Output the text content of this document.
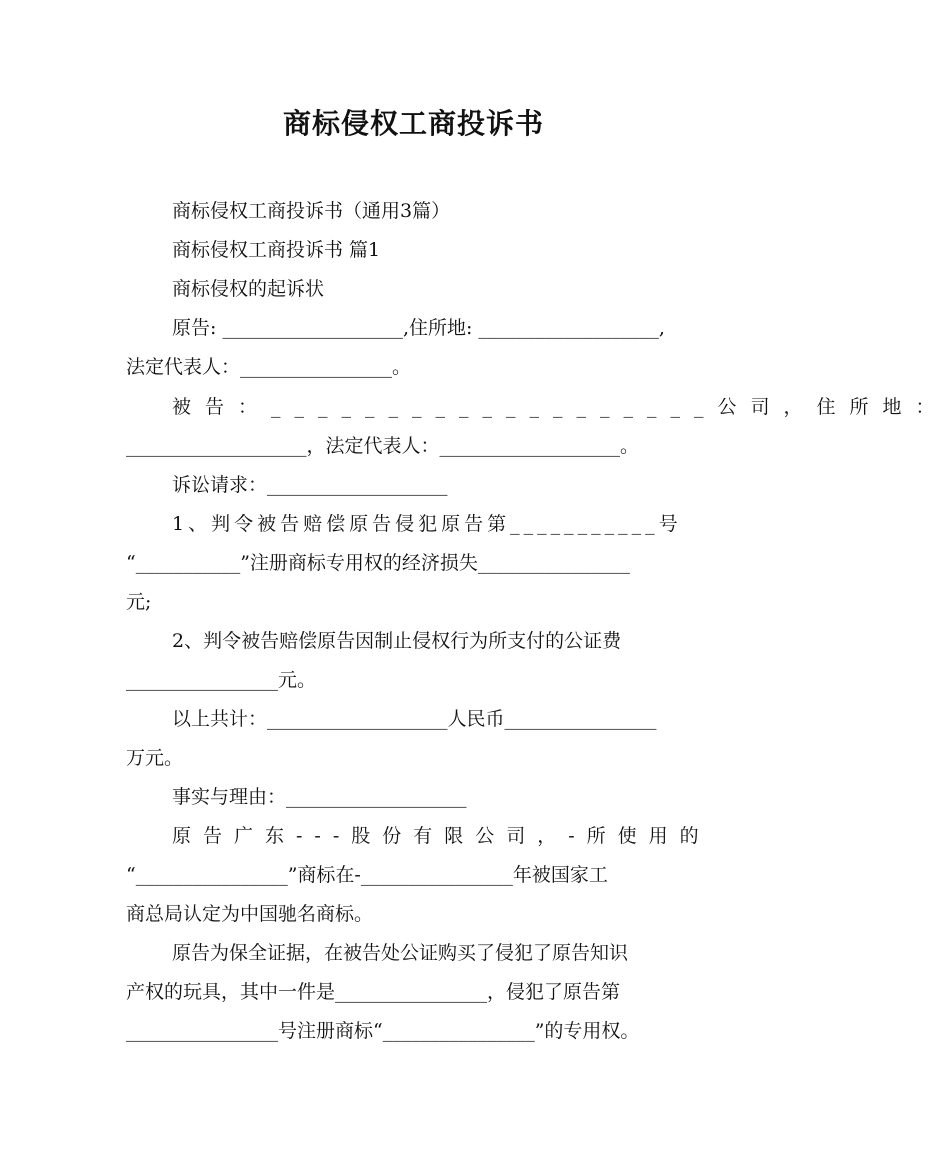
商标侵权工商投诉书
商标侵权工商投诉书（通用3篇）
商标侵权工商投诉书 篇1
商标侵权的起诉状
原告: ___________________,住所地: ___________________,
法定代表人：________________。
被告：___________________公司，住所地：
___________________，法定代表人：___________________。
诉讼请求：___________________
1、判令被告赔偿原告侵犯原告第___________号
“___________”注册商标专用权的经济损失________________
元;
2、判令被告赔偿原告因制止侵权行为所支付的公证费
________________元。
以上共计：___________________人民币________________
万元。
事实与理由：___________________
原告广东---股份有限公司，-所使用的
“________________”商标在-________________年被国家工
商总局认定为中国驰名商标。
原告为保全证据，在被告处公证购买了侵犯了原告知识
产权的玩具，其中一件是________________，侵犯了原告第
________________号注册商标“________________”的专用权。
